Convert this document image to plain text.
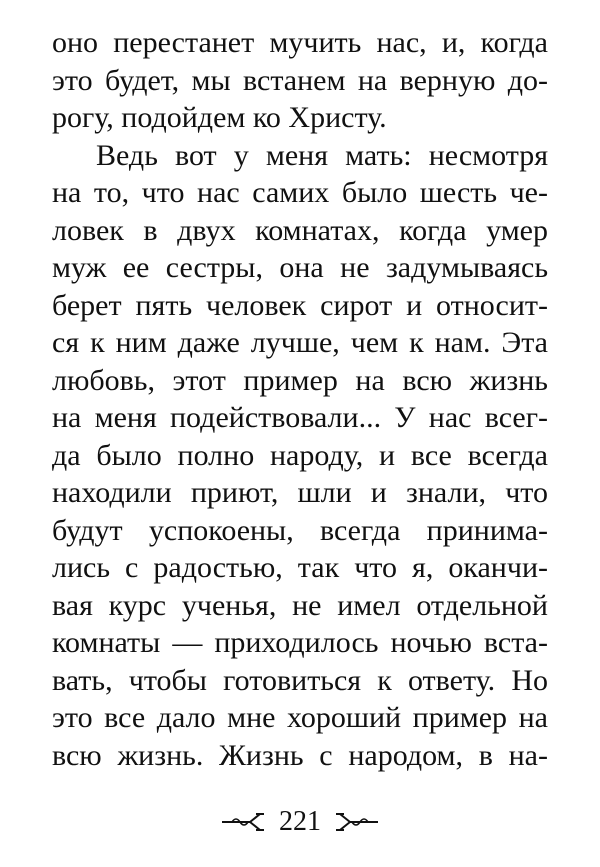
оно перестанет мучить нас, и, когда
это будет, мы встанем на верную до-
рогу, подойдем ко Христу.
Ведь вот у меня мать: несмотря
на то, что нас самих было шесть че-
ловек в двух комнатах, когда умер
муж ее сестры, она не задумываясь
берет пять человек сирот и относит-
ся к ним даже лучше, чем к нам. Эта
любовь, этот пример на всю жизнь
на меня подействовали... У нас всег-
да было полно народу, и все всегда
находили приют, шли и знали, что
будут успокоены, всегда принима-
лись с радостью, так что я, оканчи-
вая курс ученья, не имел отдельной
комнаты — приходилось ночью вста-
вать, чтобы готовиться к ответу. Но
это все дало мне хороший пример на
всю жизнь. Жизнь с народом, в на-
221
